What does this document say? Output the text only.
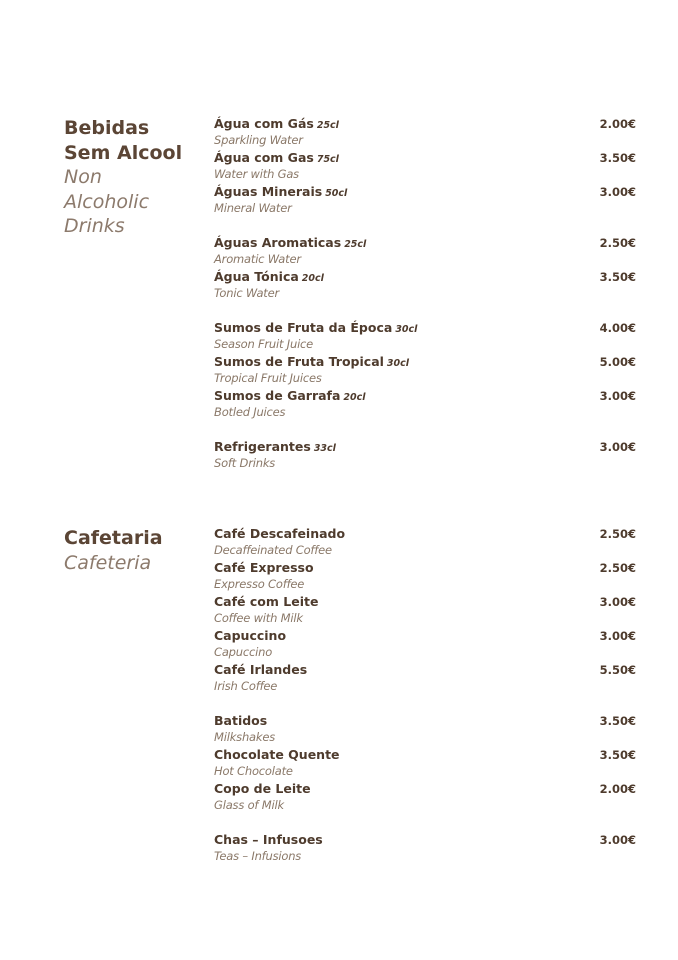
Bebidas
Sem Alcool

Non
Alcoholic
Drinks

Água com Gás 25cl
Sparkling Water
2.00€
Água com Gas 75cl
Water with Gas
3.50€
Águas Minerais 50cl
Mineral Water
3.00€
Águas Aromaticas 25cl
Aromatic Water
2.50€
Água Tónica 20cl
Tonic Water
3.50€
Sumos de Fruta da Época 30cl
Season Fruit Juice
4.00€
Sumos de Fruta Tropical 30cl
Tropical Fruit Juices
5.00€
Sumos de Garrafa 20cl
Botled Juices
3.00€
Refrigerantes 33cl
Soft Drinks
3.00€

Cafetaria

Cafeteria

Café Descafeinado
Decaffeinated Coffee
2.50€
Café Expresso
Expresso Coffee
2.50€
Café com Leite
Coffee with Milk
3.00€
Capuccino
Capuccino
3.00€
Café Irlandes
Irish Coffee
5.50€
Batidos
Milkshakes
3.50€
Chocolate Quente
Hot Chocolate
3.50€
Copo de Leite
Glass of Milk
2.00€
Chas – Infusoes
Teas – Infusions
3.00€
